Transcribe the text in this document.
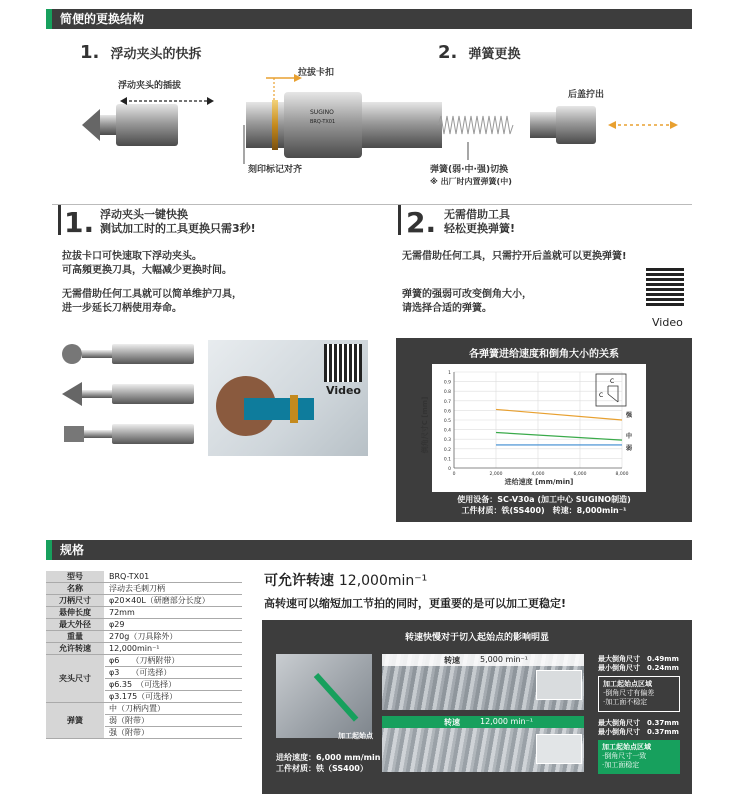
简便的更换结构
1. 浮动夹头的快拆	2. 弹簧更换
SUGINO
BRQ-TX01
浮动夹头的插拔
拉拔卡扣
刻印标记对齐
后盖拧出
弹簧(弱·中·强)切换
※ 出厂时内置弹簧(中)
1. 浮动夹头一键快换
测试加工时的工具更换只需3秒!
拉拔卡口可快速取下浮动夹头。
可高頻更换刀具，大幅减少更换时间。
无需借助任何工具就可以简单维护刀具，
进一步延长刀柄使用寿命。
Video
2. 无需借助工具
轻松更换弹簧!
无需借助任何工具，只需拧开后盖就可以更换弹簧!
弹簧的强弱可改变倒角大小，
请选择合适的弹簧。
Video
各弹簧进给速度和倒角大小的关系
强
中
弱
0
0.1
0.2
0.3
0.4
0.5
0.6
0.7
0.8
0.9
1
0	2,000	4,000	6,000	8,000
C
C
倒角尺寸C [mm]
进给速度 [mm/min]
使用设备：SC-V30a (加工中心 SUGINO制造)
工件材质：铁(SS400)　转速：8,000min⁻¹
规格
型号	BRQ-TX01
名称	浮动去毛刺刀柄
刀柄尺寸	φ20✕40L（研磨部分长度）
悬伸长度	72mm
最大外径	φ29
重量	270g（刀具除外）
允许转速	12,000min⁻¹
夹头尺寸	φ6　　（刀柄附带）
	φ3　　（可选择）
	φ6.35　（可选择）
	φ3.175（可选择）
弹簧	中（刀柄内置）
	弱（附带）
	强（附带）
可允许转速 12,000min⁻¹
高转速可以缩短加工节拍的同时，更重要的是可以加工更稳定!
转速快慢对于切入起始点的影响明显
加工起始点
进给速度：6,000 mm/min
工件材质：铁（SS400）
转速	5,000 min⁻¹	最大倒角尺寸　0.49mm
最小倒角尺寸　0.24mm
加工起始点区域
·倒角尺寸有偏差
·加工面不稳定
转速	12,000 min⁻¹	最大倒角尺寸　0.37mm
最小倒角尺寸　0.37mm
加工起始点区域
·倒角尺寸一致
·加工面稳定
